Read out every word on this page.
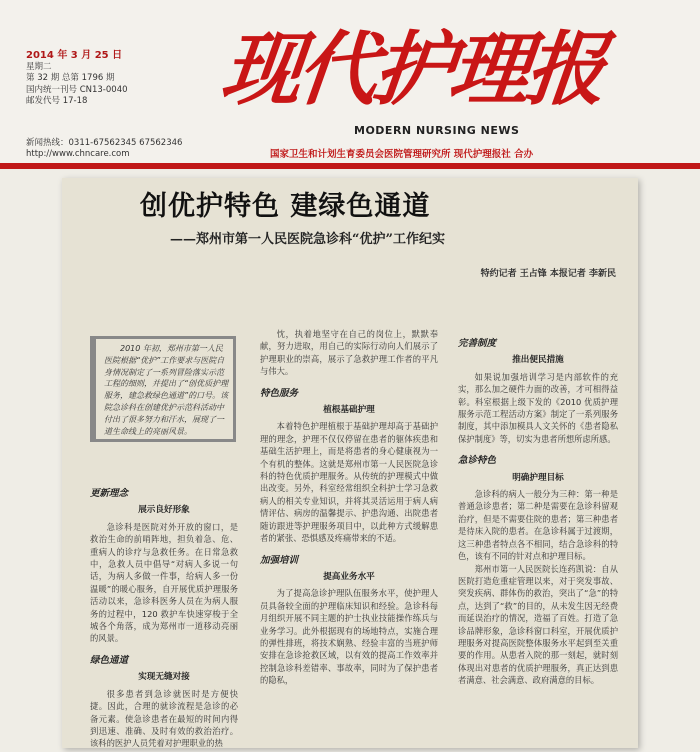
2014 年 3 月 25 日
星期二
第 32 期 总第 1796 期
国内统一刊号 CN13-0040
邮发代号 17-18
新闻热线：0311-67562345 67562346
http://www.chncare.com
现代护理报
MODERN NURSING NEWS
国家卫生和计划生育委员会医院管理研究所 现代护理报社 合办
创优护特色 建绿色通道
——郑州市第一人民医院急诊科“优护”工作纪实
特约记者 王占锋 本报记者 李新民

2010 年初，郑州市第一人民医院根据“优护”工作要求与医院自身情况制定了一系列冒险落实示范工程的细则，并提出了“创优质护理服务，建急救绿色通道”的口号。该院急诊科在创建优护示范科活动中付出了很多努力和汗水，展现了一道生命线上的亮丽风景。

更新理念
展示良好形象

急诊科是医院对外开放的窗口，是救治生命的前哨阵地，担负着急、危、重病人的诊疗与急救任务。在日常急救中，急救人员中倡导“对病人多说一句话，为病人多做一件事，给病人多一份温暖”的暖心服务，自开展优质护理服务活动以来，急诊科医务人员在为病人服务的过程中，120 救护车快速穿梭于全城各个角落，成为郑州市一道移动亮丽的风景。

绿色通道
实现无缝对接

很多患者到急诊就医时是方便快捷。因此，合理的就诊流程是急诊的必备元素。使急诊患者在最短的时间内得到迅速、准确、及时有效的救治治疗。该科的医护人员凭着对护理职业的热

忱，执着地坚守在自己的岗位上，默默奉献，努力进取，用自己的实际行动向人们展示了护理职业的崇高，展示了急救护理工作者的平凡与伟大。

特色服务
植根基础护理

本着特色护理植根于基础护理却高于基础护理的理念，护理不仅仅停留在患者的躯体疾患和基础生活护理上，而是将患者的身心健康视为一个有机的整体。这就是郑州市第一人民医院急诊科的特色优质护理服务。从传统的护理模式中做出改变。另外，科室经常组织全科护士学习急救病人的相关专业知识，并将其灵活运用于病人病情评估、病房的温馨提示、护患沟通、出院患者随访跟进等护理服务项目中，以此种方式缓解患者的紧张、恐惧感及疼痛带来的不适。

加强培训
提高业务水平

为了提高急诊护理队伍服务水平，使护理人员具备较全面的护理临床知识和经验。急诊科每月组织开展不同主题的护士执业技能操作练兵与业务学习。此外根据现有的场地特点，实施合理的弹性排班，将技术娴熟、经验丰富的当班护师安排在急诊抢救区域，以有效的提高工作效率并控制急诊科差错率、事故率，同时为了保护患者的隐私，

完善制度
推出便民措施

如果说加强培训学习是内部软件的充实，那么加之硬件力面的改善，才可相得益彰。科室根据上级下发的《2010 优质护理服务示范工程活动方案》制定了一系列服务制度，其中添加模具人文关怀的《患者隐私保护制度》等，切实为患者所想所虑所感。

急诊特色
明确护理目标

急诊科的病人一般分为三种：第一种是普通急诊患者；第二种是需要在急诊科留观治疗，但是不需要住院的患者；第三种患者是待床入院的患者。在急诊科属于过渡期，这三种患者特点各不相同，结合急诊科的特色，该有不同的针对点和护理目标。

郑州市第一人民医院长连药凯说：自从医院打造危重症管理以来，对于突发事故、突发疾病、群体伤的救治，突出了“急”的特点，达到了“救”的目的，从未发生因无经费而延误治疗的情况，造福了百姓。打造了急诊品牌形象，急诊科窗口科室，开展优质护理服务对提高医院整体服务水平起到至关重要的作用。从患者入院的那一刻起，就时刻体现出对患者的优质护理服务，真正达到患者满意、社会满意、政府满意的目标。
